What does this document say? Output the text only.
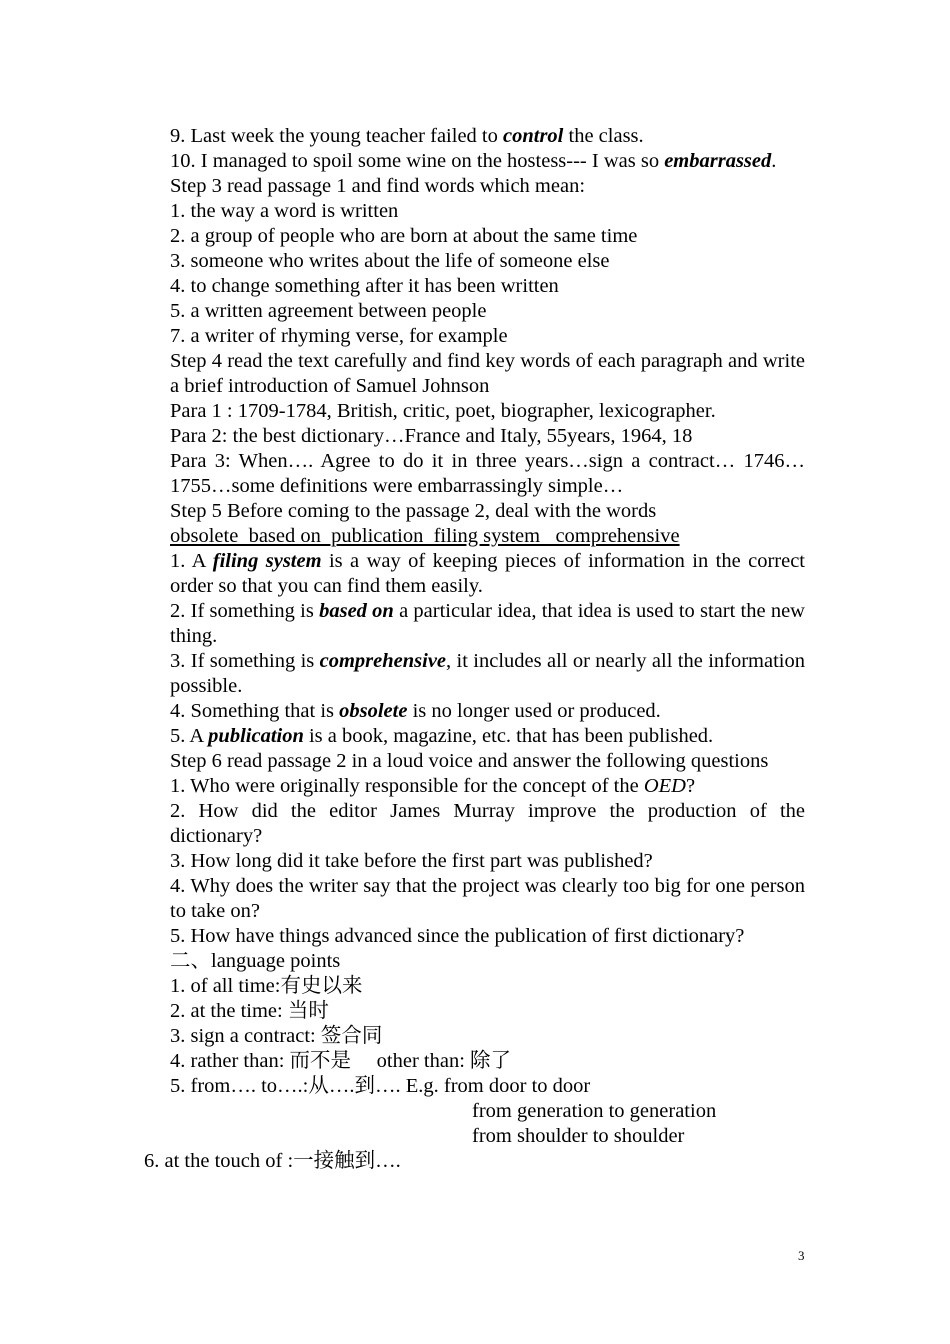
9. Last week the young teacher failed to control the class.
10. I managed to spoil some wine on the hostess--- I was so embarrassed.
Step 3 read passage 1 and find words which mean:
1. the way a word is written
2. a group of people who are born at about the same time
3. someone who writes about the life of someone else
4. to change something after it has been written
5. a written agreement between people
7. a writer of rhyming verse, for example
Step 4 read the text carefully and find key words of each paragraph and write a brief introduction of Samuel Johnson
Para 1 : 1709-1784, British, critic, poet, biographer, lexicographer.
Para 2: the best dictionary…France and Italy, 55years, 1964, 18
Para 3: When…. Agree to do it in three years…sign a contract… 1746…1755…some definitions were embarrassingly simple…
Step 5 Before coming to the passage 2, deal with the words
obsolete  based on  publication  filing system   comprehensive
1. A filing system is a way of keeping pieces of information in the correct order so that you can find them easily.
2. If something is based on a particular idea, that idea is used to start the new thing.
3. If something is comprehensive, it includes all or nearly all the information possible.
4. Something that is obsolete is no longer used or produced.
5. A publication is a book, magazine, etc. that has been published.
Step 6 read passage 2 in a loud voice and answer the following questions
1. Who were originally responsible for the concept of the OED?
2. How did the editor James Murray improve the production of the dictionary?
3. How long did it take before the first part was published?
4. Why does the writer say that the project was clearly too big for one person to take on?
5. How have things advanced since the publication of first dictionary?
二、language points
1. of all time:有史以来
2. at the time: 当时
3. sign a contract: 签合同
4. rather than: 而不是     other than: 除了
5. from…. to….:从….到…. E.g. from door to door
from generation to generation
from shoulder to shoulder
6. at the touch of :一接触到….
3
